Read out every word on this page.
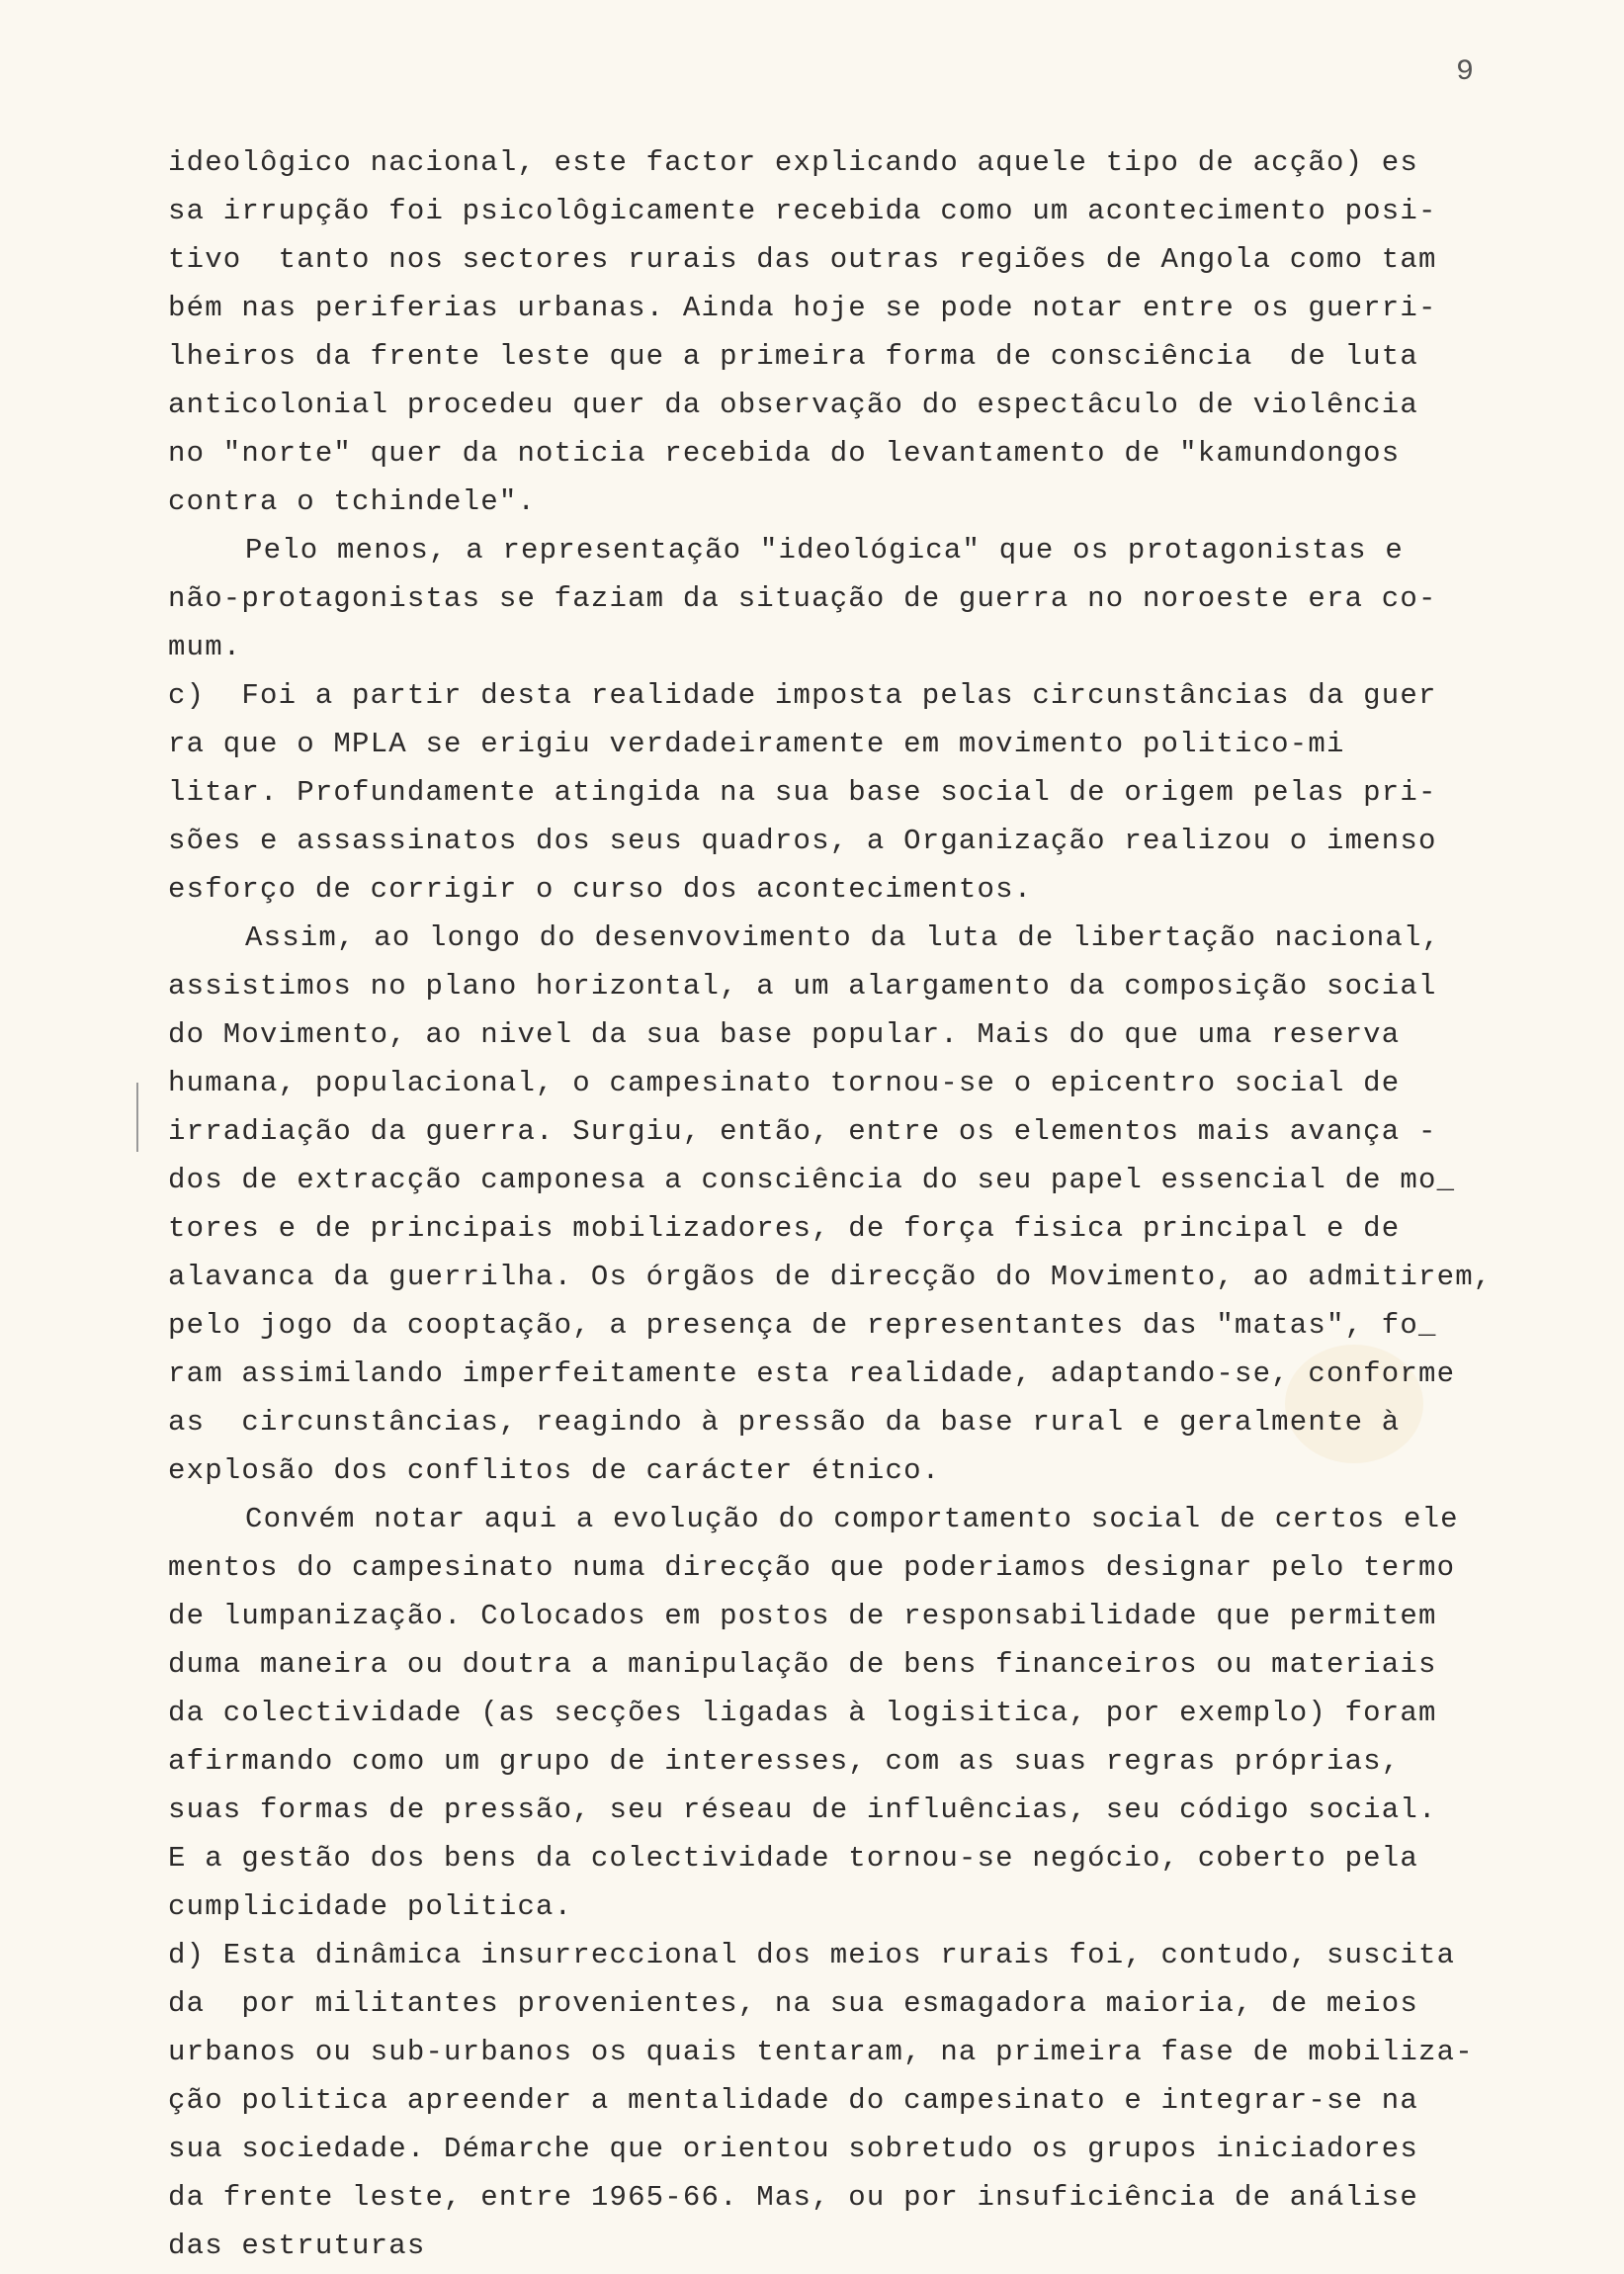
9
ideolôgico nacional, este factor explicando aquele tipo de acção) es
sa irrupção foi psicolôgicamente recebida como um acontecimento posi-
tivo  tanto nos sectores rurais das outras regiões de Angola como tam
bém nas periferias urbanas. Ainda hoje se pode notar entre os guerri-
lheiros da frente leste que a primeira forma de consciência  de luta
anticolonial procedeu quer da observação do espectâculo de violência
no "norte" quer da noticia recebida do levantamento de "kamundongos
contra o tchindele".
Pelo menos, a representação "ideológica" que os protagonistas e
não-protagonistas se faziam da situação de guerra no noroeste era co-
mum.
c)  Foi a partir desta realidade imposta pelas circunstâncias da guer
ra que o MPLA se erigiu verdadeiramente em movimento politico-mi
litar. Profundamente atingida na sua base social de origem pelas pri-
sões e assassinatos dos seus quadros, a Organização realizou o imenso
esforço de corrigir o curso dos acontecimentos.
Assim, ao longo do desenvovimento da luta de libertação nacional,
assistimos no plano horizontal, a um alargamento da composição social
do Movimento, ao nivel da sua base popular. Mais do que uma reserva
humana, populacional, o campesinato tornou-se o epicentro social de
irradiação da guerra. Surgiu, então, entre os elementos mais avança -
dos de extracção camponesa a consciência do seu papel essencial de mo_
tores e de principais mobilizadores, de força fisica principal e de
alavanca da guerrilha. Os órgãos de direcção do Movimento, ao admitirem,
pelo jogo da cooptação, a presença de representantes das "matas", fo_
ram assimilando imperfeitamente esta realidade, adaptando-se, conforme
as  circunstâncias, reagindo à pressão da base rural e geralmente à
explosão dos conflitos de carácter étnico.
Convém notar aqui a evolução do comportamento social de certos ele
mentos do campesinato numa direcção que poderiamos designar pelo termo
de lumpanização. Colocados em postos de responsabilidade que permitem
duma maneira ou doutra a manipulação de bens financeiros ou materiais
da colectividade (as secções ligadas à logisitica, por exemplo) foram
afirmando como um grupo de interesses, com as suas regras próprias,
suas formas de pressão, seu réseau de influências, seu código social.
E a gestão dos bens da colectividade tornou-se negócio, coberto pela
cumplicidade politica.
d) Esta dinâmica insurreccional dos meios rurais foi, contudo, suscita
da  por militantes provenientes, na sua esmagadora maioria, de meios
urbanos ou sub-urbanos os quais tentaram, na primeira fase de mobiliza-
ção politica apreender a mentalidade do campesinato e integrar-se na
sua sociedade. Démarche que orientou sobretudo os grupos iniciadores
da frente leste, entre 1965-66. Mas, ou por insuficiência de análise
das estruturas
